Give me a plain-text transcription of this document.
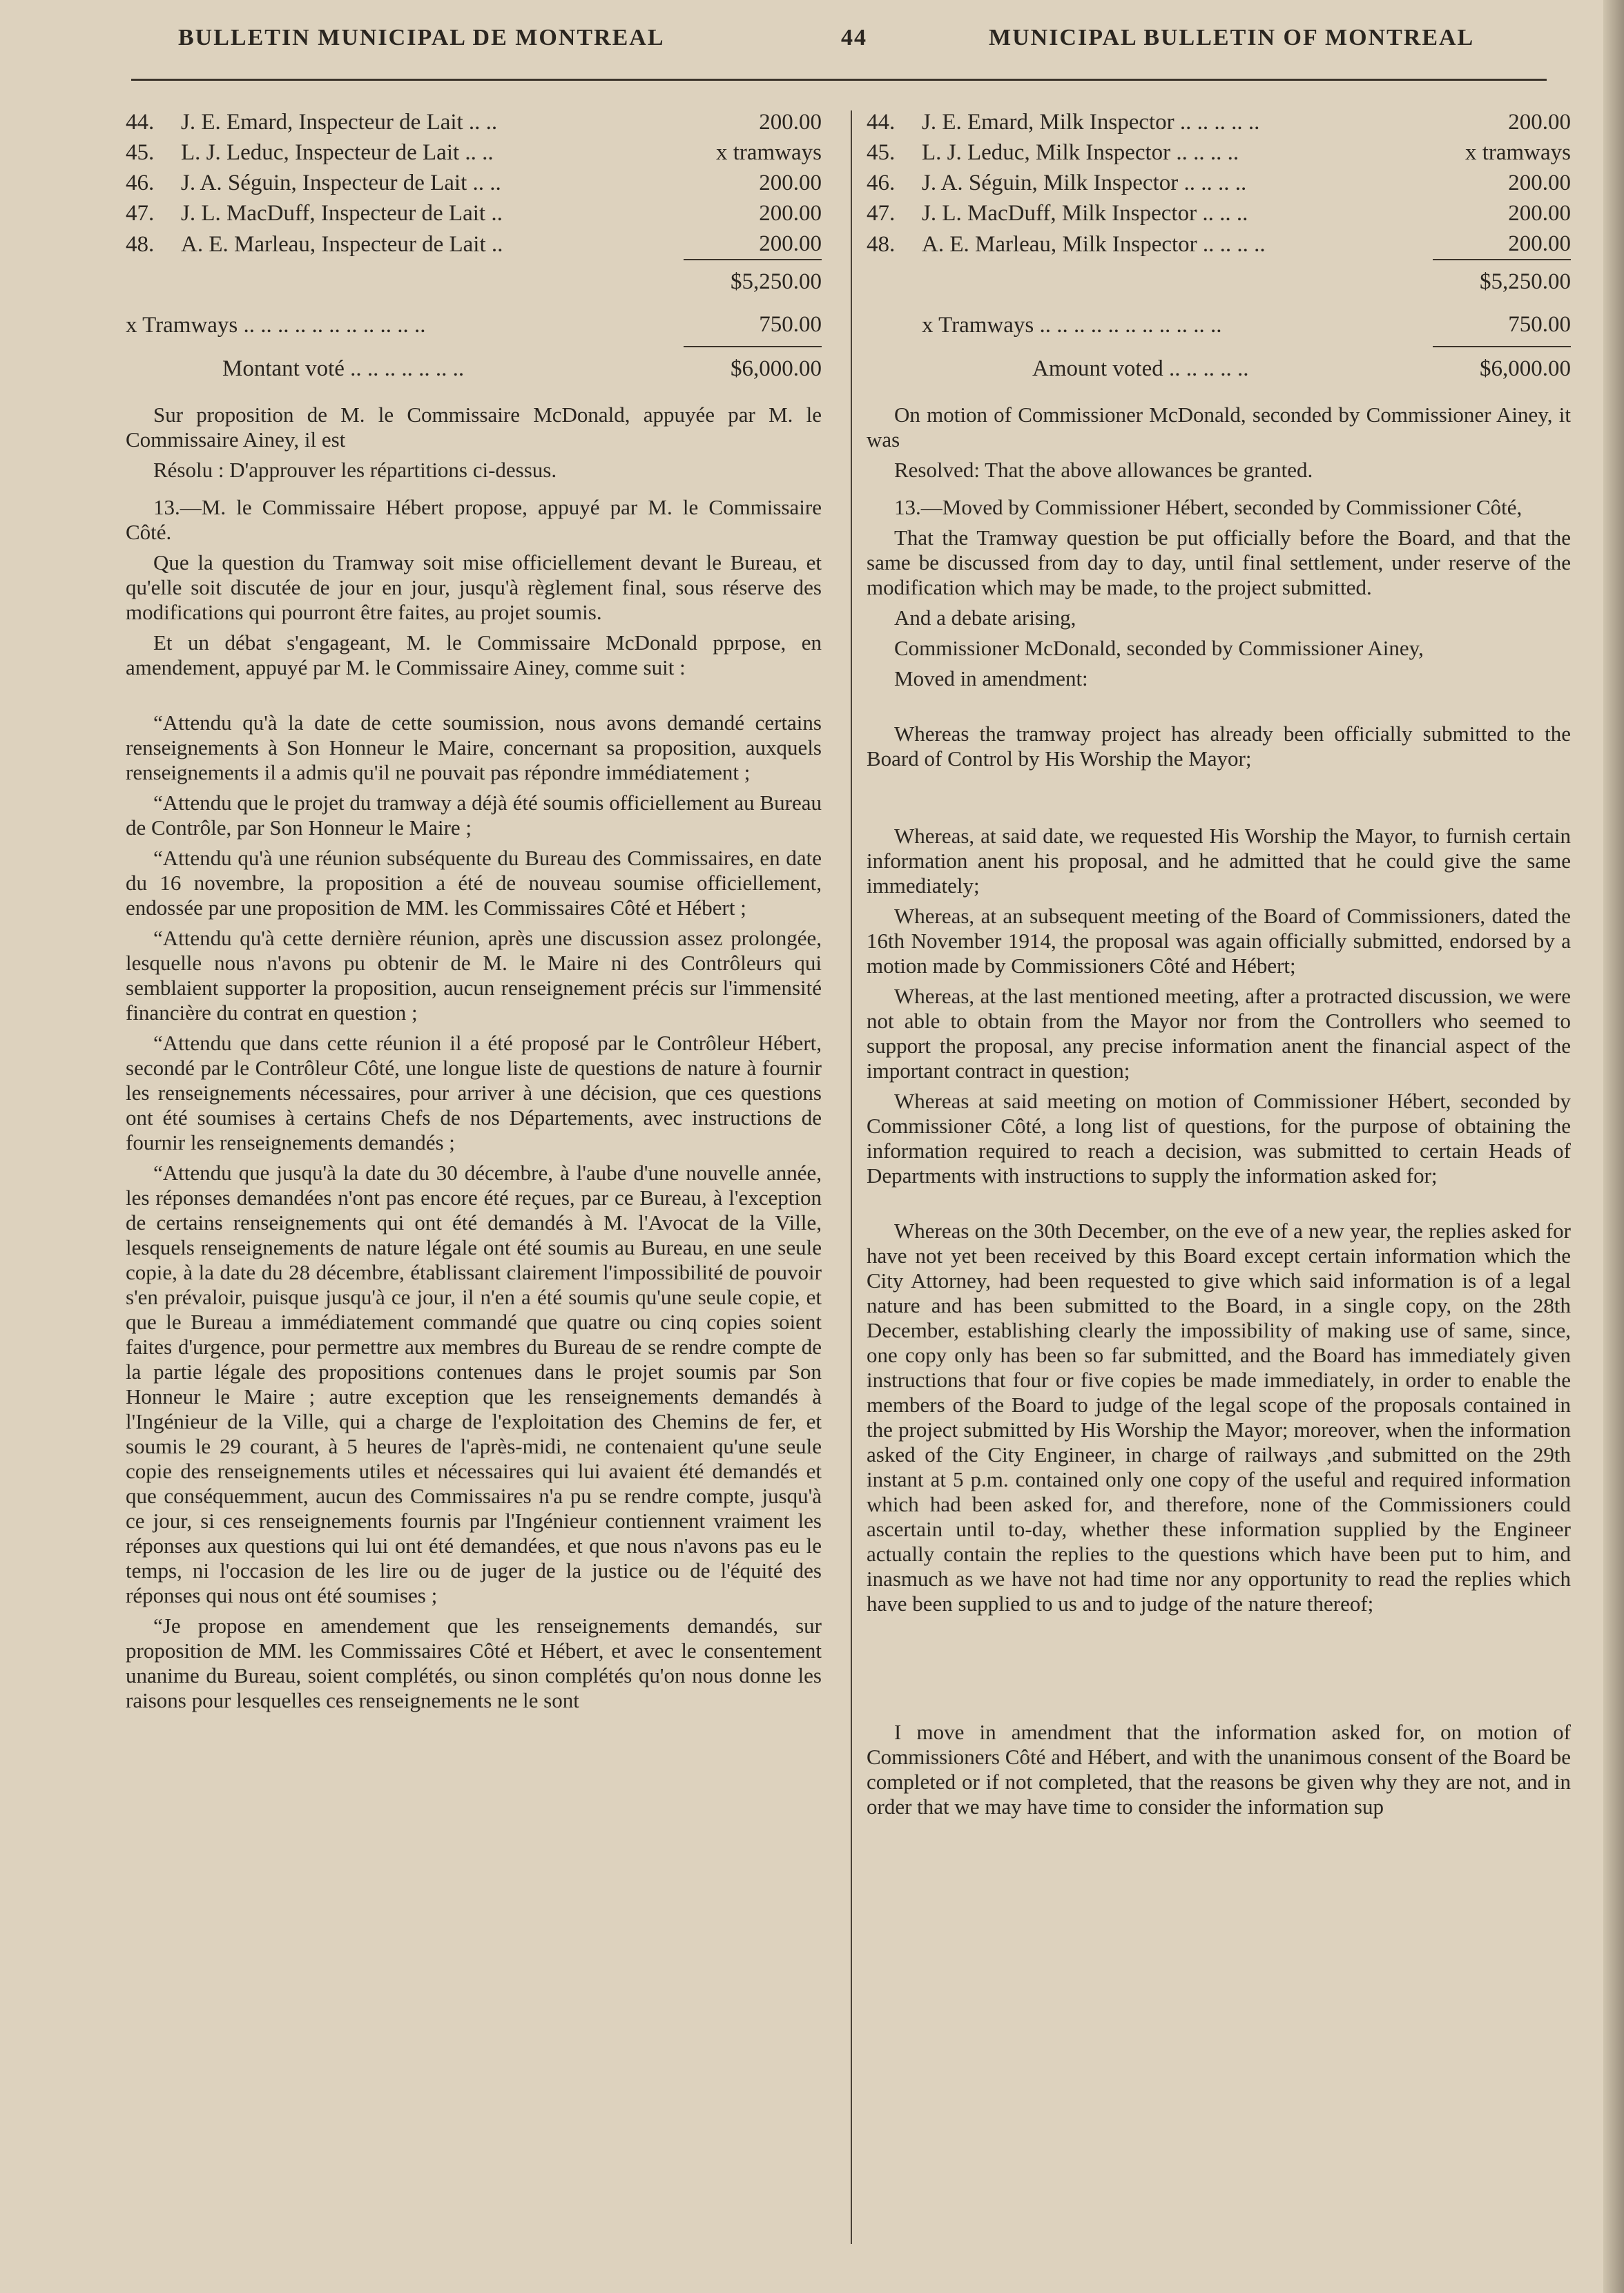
BULLETIN MUNICIPAL DE MONTREAL	44	MUNICIPAL BULLETIN OF MONTREAL
44.	J. E. Emard, Inspecteur de Lait .. ..	200.00
45.	L. J. Leduc, Inspecteur de Lait .. ..	x tramways
46.	J. A. Séguin, Inspecteur de Lait .. ..	200.00
47.	J. L. MacDuff, Inspecteur de Lait ..	200.00
48.	A. E. Marleau, Inspecteur de Lait ..	200.00
		$5,250.00
x Tramways .. .. .. .. .. .. .. .. .. .. ..		750.00
	Montant voté .. .. .. .. .. .. ..	$6,000.00

Sur proposition de M. le Commissaire McDonald, appuyée par M. le Commissaire Ainey, il est

Résolu : D'approuver les répartitions ci-dessus.

13.—M. le Commissaire Hébert propose, appuyé par M. le Commissaire Côté.

Que la question du Tramway soit mise officiellement devant le Bureau, et qu'elle soit discutée de jour en jour, jusqu'à règlement final, sous réserve des modifications qui pourront être faites, au projet soumis.

Et un débat s'engageant, M. le Commissaire McDonald pprpose, en amendement, appuyé par M. le Commissaire Ainey, comme suit :

“Attendu qu'à la date de cette soumission, nous avons demandé certains renseignements à Son Honneur le Maire, concernant sa proposition, auxquels renseignements il a admis qu'il ne pouvait pas répondre immédiatement ;

“Attendu que le projet du tramway a déjà été soumis officiellement au Bureau de Contrôle, par Son Honneur le Maire ;

“Attendu qu'à une réunion subséquente du Bureau des Commissaires, en date du 16 novembre, la proposition a été de nouveau soumise officiellement, endossée par une proposition de MM. les Commissaires Côté et Hébert ;

“Attendu qu'à cette dernière réunion, après une discussion assez prolongée, lesquelle nous n'avons pu obtenir de M. le Maire ni des Contrôleurs qui semblaient supporter la proposition, aucun renseignement précis sur l'immensité financière du contrat en question ;

“Attendu que dans cette réunion il a été proposé par le Contrôleur Hébert, secondé par le Contrôleur Côté, une longue liste de questions de nature à fournir les renseignements nécessaires, pour arriver à une décision, que ces questions ont été soumises à certains Chefs de nos Départements, avec instructions de fournir les renseignements demandés ;

“Attendu que jusqu'à la date du 30 décembre, à l'aube d'une nouvelle année, les réponses demandées n'ont pas encore été reçues, par ce Bureau, à l'exception de certains renseignements qui ont été demandés à M. l'Avocat de la Ville, lesquels renseignements de nature légale ont été soumis au Bureau, en une seule copie, à la date du 28 décembre, établissant clairement l'impossibilité de pouvoir s'en prévaloir, puisque jusqu'à ce jour, il n'en a été soumis qu'une seule copie, et que le Bureau a immédiatement commandé que quatre ou cinq copies soient faites d'urgence, pour permettre aux membres du Bureau de se rendre compte de la partie légale des propositions contenues dans le projet soumis par Son Honneur le Maire ; autre exception que les renseignements demandés à l'Ingénieur de la Ville, qui a charge de l'exploitation des Chemins de fer, et soumis le 29 courant, à 5 heures de l'après-midi, ne contenaient qu'une seule copie des renseignements utiles et nécessaires qui lui avaient été demandés et que conséquemment, aucun des Commissaires n'a pu se rendre compte, jusqu'à ce jour, si ces renseignements fournis par l'Ingénieur contiennent vraiment les réponses aux questions qui lui ont été demandées, et que nous n'avons pas eu le temps, ni l'occasion de les lire ou de juger de la justice ou de l'équité des réponses qui nous ont été soumises ;

“Je propose en amendement que les renseignements demandés, sur proposition de MM. les Commissaires Côté et Hébert, et avec le consentement unanime du Bureau, soient complétés, ou sinon complétés qu'on nous donne les raisons pour lesquelles ces renseignements ne le sont

44.	J. E. Emard, Milk Inspector .. .. .. .. ..	200.00
45.	L. J. Leduc, Milk Inspector .. .. .. ..	x tramways
46.	J. A. Séguin, Milk Inspector .. .. .. ..	200.00
47.	J. L. MacDuff, Milk Inspector .. .. ..	200.00
48.	A. E. Marleau, Milk Inspector .. .. .. ..	200.00
		$5,250.00
	x Tramways .. .. .. .. .. .. .. .. .. .. ..	750.00
	Amount voted .. .. .. .. ..	$6,000.00

On motion of Commissioner McDonald, seconded by Commissioner Ainey, it was

Resolved: That the above allowances be granted.

13.—Moved by Commissioner Hébert, seconded by Commissioner Côté,

That the Tramway question be put officially before the Board, and that the same be discussed from day to day, until final settlement, under reserve of the modification which may be made, to the project submitted.

And a debate arising,

Commissioner McDonald, seconded by Commissioner Ainey,

Moved in amendment:

Whereas the tramway project has already been officially submitted to the Board of Control by His Worship the Mayor;

Whereas, at said date, we requested His Worship the Mayor, to furnish certain information anent his proposal, and he admitted that he could give the same immediately;

Whereas, at an subsequent meeting of the Board of Commissioners, dated the 16th November 1914, the proposal was again officially submitted, endorsed by a motion made by Commissioners Côté and Hébert;

Whereas, at the last mentioned meeting, after a protracted discussion, we were not able to obtain from the Mayor nor from the Controllers who seemed to support the proposal, any precise information anent the financial aspect of the important contract in question;

Whereas at said meeting on motion of Commissioner Hébert, seconded by Commissioner Côté, a long list of questions, for the purpose of obtaining the information required to reach a decision, was submitted to certain Heads of Departments with instructions to supply the information asked for;

Whereas on the 30th December, on the eve of a new year, the replies asked for have not yet been received by this Board except certain information which the City Attorney, had been requested to give which said information is of a legal nature and has been submitted to the Board, in a single copy, on the 28th December, establishing clearly the impossibility of making use of same, since, one copy only has been so far submitted, and the Board has immediately given instructions that four or five copies be made immediately, in order to enable the members of the Board to judge of the legal scope of the proposals contained in the project submitted by His Worship the Mayor; moreover, when the information asked of the City Engineer, in charge of railways ,and submitted on the 29th instant at 5 p.m. contained only one copy of the useful and required information which had been asked for, and therefore, none of the Commissioners could ascertain until to-day, whether these information supplied by the Engineer actually contain the replies to the questions which have been put to him, and inasmuch as we have not had time nor any opportunity to read the replies which have been supplied to us and to judge of the nature thereof;

I move in amendment that the information asked for, on motion of Commissioners Côté and Hébert, and with the unanimous consent of the Board be completed or if not completed, that the reasons be given why they are not, and in order that we may have time to consider the information sup
